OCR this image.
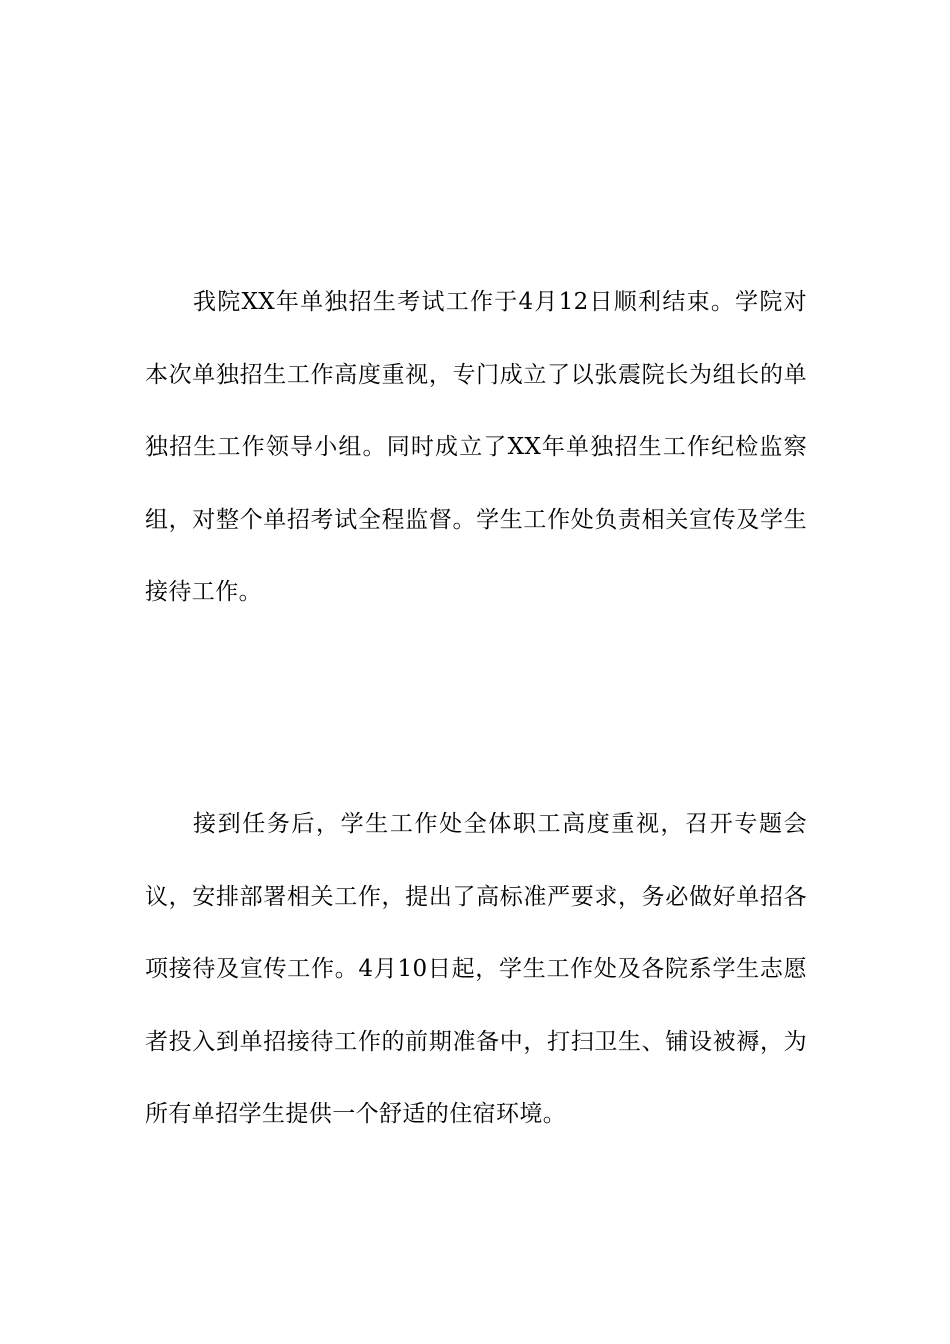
我院XX年单独招生考试工作于4月12日顺利结束。学院对本次单独招生工作高度重视，专门成立了以张震院长为组长的单独招生工作领导小组。同时成立了XX年单独招生工作纪检监察组，对整个单招考试全程监督。学生工作处负责相关宣传及学生接待工作。

接到任务后，学生工作处全体职工高度重视，召开专题会议，安排部署相关工作，提出了高标准严要求，务必做好单招各项接待及宣传工作。4月10日起，学生工作处及各院系学生志愿者投入到单招接待工作的前期准备中，打扫卫生、铺设被褥，为所有单招学生提供一个舒适的住宿环境。
